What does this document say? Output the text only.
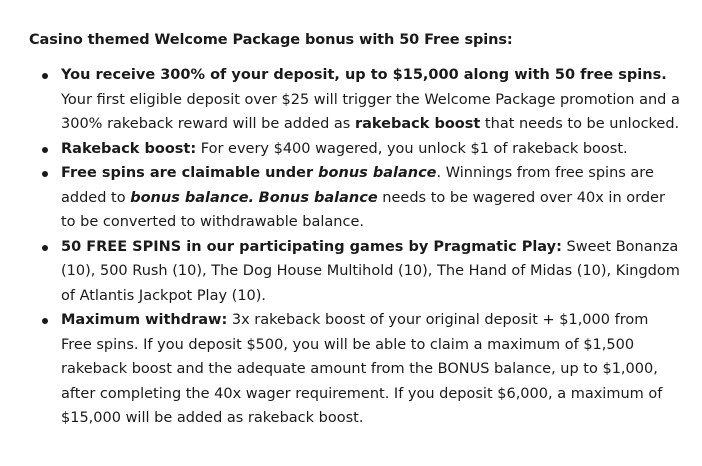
Casino themed Welcome Package bonus with 50 Free spins:

You receive 300% of your deposit, up to $15,000 along with 50 free spins. Your first eligible deposit over $25 will trigger the Welcome Package promotion and a 300% rakeback reward will be added as rakeback boost that needs to be unlocked.
Rakeback boost: For every $400 wagered, you unlock $1 of rakeback boost.
Free spins are claimable under bonus balance. Winnings from free spins are added to bonus balance. Bonus balance needs to be wagered over 40x in order to be converted to withdrawable balance.
50 FREE SPINS in our participating games by Pragmatic Play: Sweet Bonanza (10), 500 Rush (10), The Dog House Multihold (10), The Hand of Midas (10), Kingdom of Atlantis Jackpot Play (10).
Maximum withdraw: 3x rakeback boost of your original deposit + $1,000 from Free spins. If you deposit $500, you will be able to claim a maximum of $1,500 rakeback boost and the adequate amount from the BONUS balance, up to $1,000, after completing the 40x wager requirement. If you deposit $6,000, a maximum of $15,000 will be added as rakeback boost.
